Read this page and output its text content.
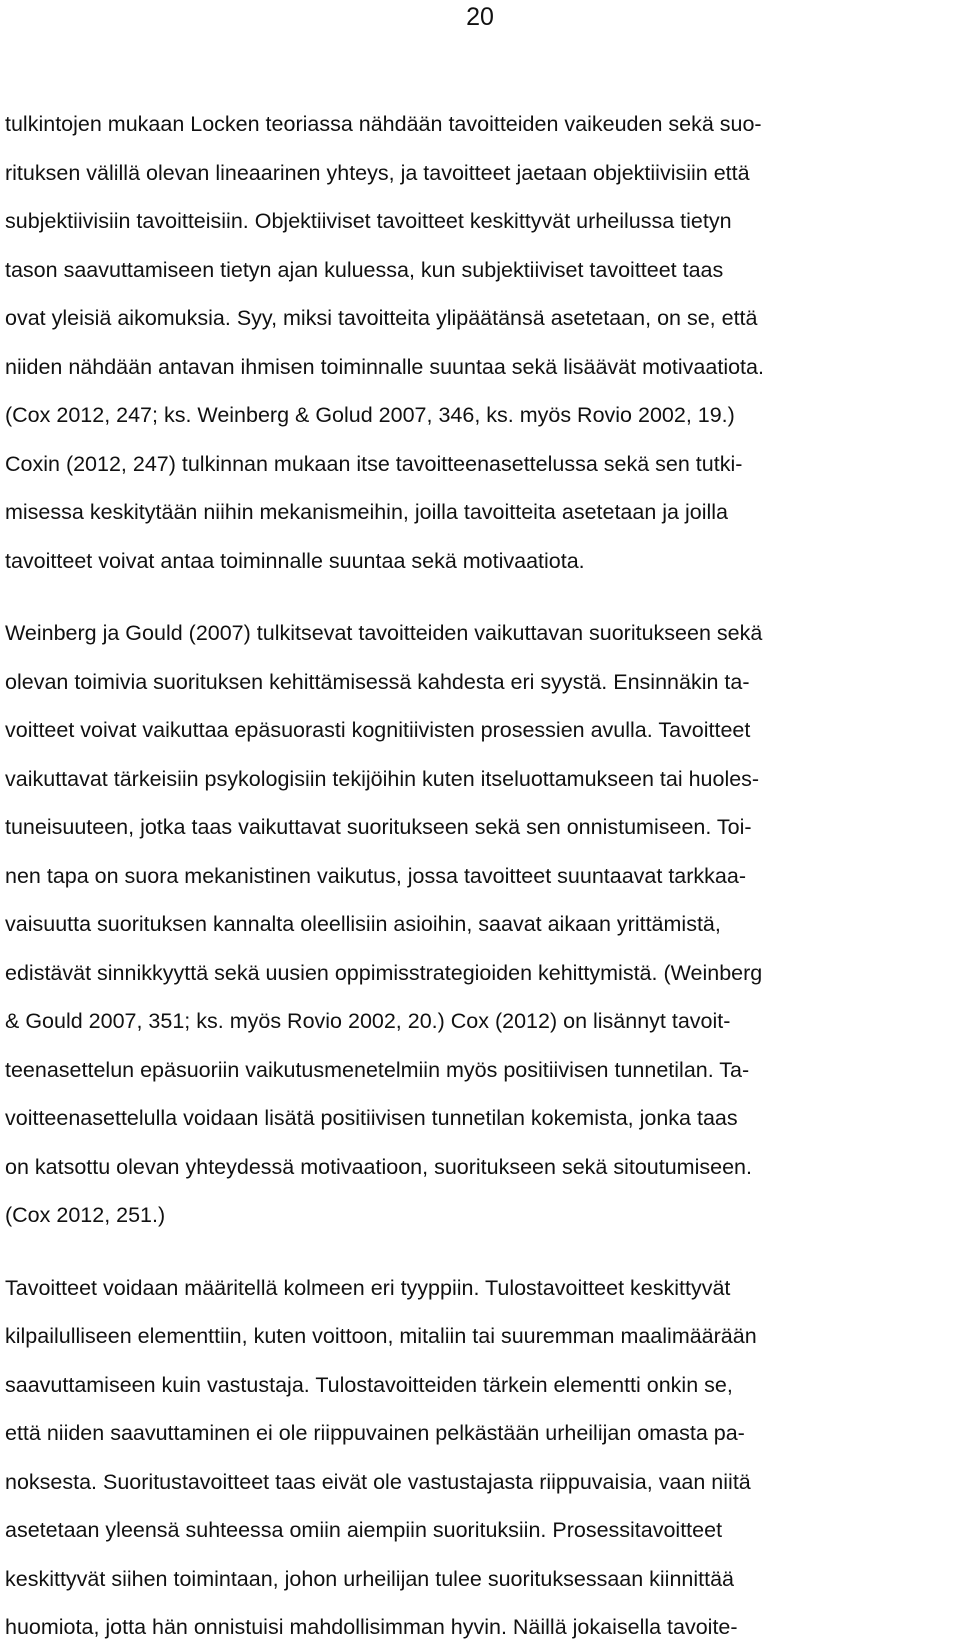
20

tulkintojen mukaan Locken teoriassa nähdään tavoitteiden vaikeuden sekä suo-
rituksen välillä olevan lineaarinen yhteys, ja tavoitteet jaetaan objektiivisiin että
subjektiivisiin tavoitteisiin. Objektiiviset tavoitteet keskittyvät urheilussa tietyn
tason saavuttamiseen tietyn ajan kuluessa, kun subjektiiviset tavoitteet taas
ovat yleisiä aikomuksia. Syy, miksi tavoitteita ylipäätänsä asetetaan, on se, että
niiden nähdään antavan ihmisen toiminnalle suuntaa sekä lisäävät motivaatiota.
(Cox 2012, 247; ks. Weinberg & Golud 2007, 346, ks. myös Rovio 2002, 19.)
Coxin (2012, 247) tulkinnan mukaan itse tavoitteenasettelussa sekä sen tutki-
misessa keskitytään niihin mekanismeihin, joilla tavoitteita asetetaan ja joilla
tavoitteet voivat antaa toiminnalle suuntaa sekä motivaatiota.

Weinberg ja Gould (2007) tulkitsevat tavoitteiden vaikuttavan suoritukseen sekä
olevan toimivia suorituksen kehittämisessä kahdesta eri syystä. Ensinnäkin ta-
voitteet voivat vaikuttaa epäsuorasti kognitiivisten prosessien avulla. Tavoitteet
vaikuttavat tärkeisiin psykologisiin tekijöihin kuten itseluottamukseen tai huoles-
tuneisuuteen, jotka taas vaikuttavat suoritukseen sekä sen onnistumiseen. Toi-
nen tapa on suora mekanistinen vaikutus, jossa tavoitteet suuntaavat tarkkaa-
vaisuutta suorituksen kannalta oleellisiin asioihin, saavat aikaan yrittämistä,
edistävät sinnikkyyttä sekä uusien oppimisstrategioiden kehittymistä. (Weinberg
& Gould 2007, 351; ks. myös Rovio 2002, 20.) Cox (2012) on lisännyt tavoit-
teenasettelun epäsuoriin vaikutusmenetelmiin myös positiivisen tunnetilan. Ta-
voitteenasettelulla voidaan lisätä positiivisen tunnetilan kokemista, jonka taas
on katsottu olevan yhteydessä motivaatioon, suoritukseen sekä sitoutumiseen.
(Cox 2012, 251.)

Tavoitteet voidaan määritellä kolmeen eri tyyppiin. Tulostavoitteet keskittyvät
kilpailulliseen elementtiin, kuten voittoon, mitaliin tai suuremman maalimäärään
saavuttamiseen kuin vastustaja. Tulostavoitteiden tärkein elementti onkin se,
että niiden saavuttaminen ei ole riippuvainen pelkästään urheilijan omasta pa-
noksesta. Suoritustavoitteet taas eivät ole vastustajasta riippuvaisia, vaan niitä
asetetaan yleensä suhteessa omiin aiempiin suorituksiin. Prosessitavoitteet
keskittyvät siihen toimintaan, johon urheilijan tulee suorituksessaan kiinnittää
huomiota, jotta hän onnistuisi mahdollisimman hyvin. Näillä jokaisella tavoite-
